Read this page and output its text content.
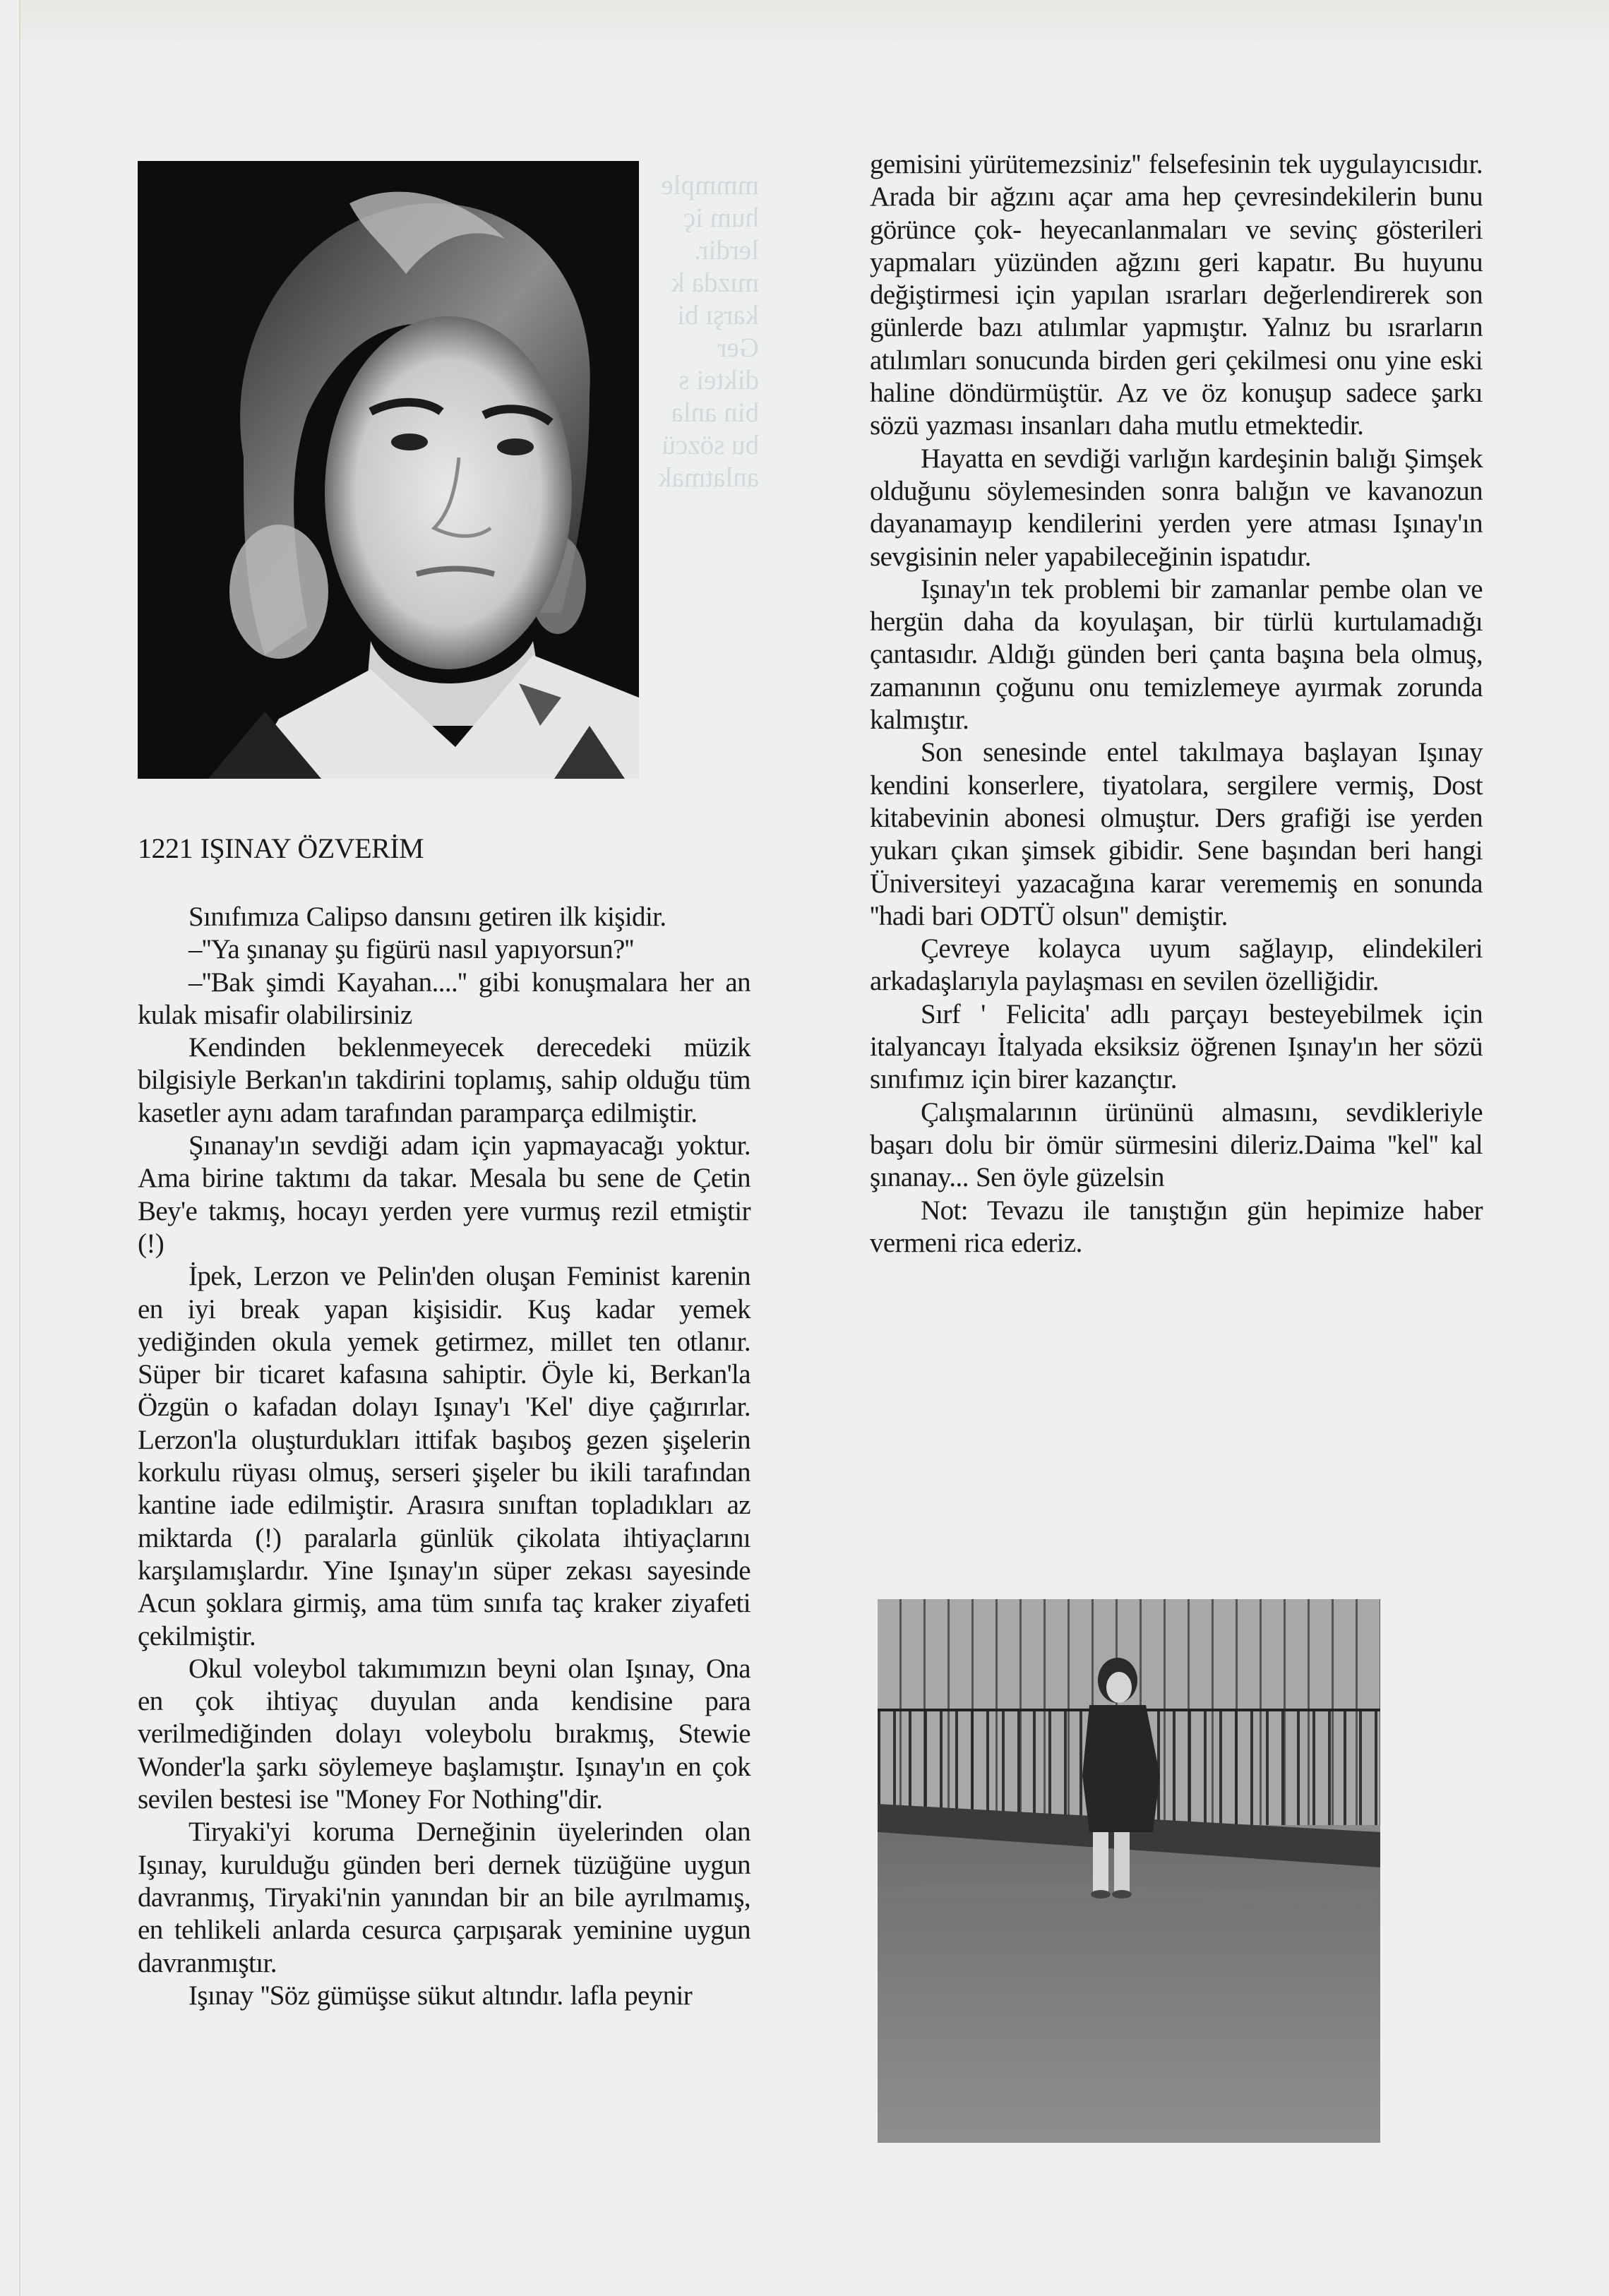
mmmple
hum iç
lerdir.
mızda k
karşı bi
Ger
diktei s
bin anla
bu sözcü
anlatmak
1221 IŞINAY ÖZVERİM

Sınıfımıza Calipso dansını getiren ilk kişidir.

–''Ya şınanay şu figürü nasıl yapıyorsun?''

–''Bak şimdi Kayahan....'' gibi konuşmalara her an kulak misafir olabilirsiniz

Kendinden beklenmeyecek derecedeki müzik bilgisiyle Berkan'ın takdirini toplamış, sahip olduğu tüm kasetler aynı adam tarafından paramparça edilmiştir.

Şınanay'ın sevdiği adam için yapmayacağı yoktur. Ama birine taktımı da takar. Mesala bu sene de Çetin Bey'e takmış, hocayı yerden yere vurmuş rezil etmiştir (!)

İpek, Lerzon ve Pelin'den oluşan Feminist karenin en iyi break yapan kişisidir. Kuş kadar yemek yediğinden okula yemek getirmez, millet ten otlanır. Süper bir ticaret kafasına sahiptir. Öyle ki, Berkan'la Özgün o kafadan dolayı Işınay'ı 'Kel' diye çağırırlar. Lerzon'la oluşturdukları ittifak başıboş gezen şişelerin korkulu rüyası olmuş, serseri şişeler bu ikili tarafından kantine iade edilmiştir. Arasıra sınıftan topladıkları az miktarda (!) paralarla günlük çikolata ihtiyaçlarını karşılamışlardır. Yine Işınay'ın süper zekası sayesinde Acun şoklara girmiş, ama tüm sınıfa taç kraker ziyafeti çekilmiştir.

Okul voleybol takımımızın beyni olan Işınay, Ona en çok ihtiyaç duyulan anda kendisine para verilmediğinden dolayı voleybolu bırakmış, Stewie Wonder'la şarkı söylemeye başlamıştır. Işınay'ın en çok sevilen bestesi ise ''Money For Nothing''dir.

Tiryaki'yi koruma Derneğinin üyelerinden olan Işınay, kurulduğu günden beri dernek tüzüğüne uygun davranmış, Tiryaki'nin yanından bir an bile ayrılmamış, en tehlikeli anlarda cesurca çarpışarak yeminine uygun davranmıştır.

Işınay ''Söz gümüşse sükut altındır. lafla peynir

gemisini yürütemezsiniz'' felsefesinin tek uygulayıcısıdır. Arada bir ağzını açar ama hep çevresindekilerin bunu görünce çok- heyecanlanmaları ve sevinç gösterileri yapmaları yüzünden ağzını geri kapatır. Bu huyunu değiştirmesi için yapılan ısrarları değerlendirerek son günlerde bazı atılımlar yapmıştır. Yalnız bu ısrarların atılımları sonucunda birden geri çekilmesi onu yine eski haline döndürmüştür. Az ve öz konuşup sadece şarkı sözü yazması insanları daha mutlu etmektedir.

Hayatta en sevdiği varlığın kardeşinin balığı Şimşek olduğunu söylemesinden sonra balığın ve kavanozun dayanamayıp kendilerini yerden yere atması Işınay'ın sevgisinin neler yapabileceğinin ispatıdır.

Işınay'ın tek problemi bir zamanlar pembe olan ve hergün daha da koyulaşan, bir türlü kurtulamadığı çantasıdır. Aldığı günden beri çanta başına bela olmuş, zamanının çoğunu onu temizlemeye ayırmak zorunda kalmıştır.

Son senesinde entel takılmaya başlayan Işınay kendini konserlere, tiyatolara, sergilere vermiş, Dost kitabevinin abonesi olmuştur. Ders grafiği ise yerden yukarı çıkan şimsek gibidir. Sene başından beri hangi Üniversiteyi yazacağına karar verememiş en sonunda ''hadi bari ODTÜ olsun'' demiştir.

Çevreye kolayca uyum sağlayıp, elindekileri arkadaşlarıyla paylaşması en sevilen özelliğidir.

Sırf ' Felicita' adlı parçayı besteyebilmek için italyancayı İtalyada eksiksiz öğrenen Işınay'ın her sözü sınıfımız için birer kazançtır.

Çalışmalarının ürününü almasını, sevdikleriyle başarı dolu bir ömür sürmesini dileriz.Daima ''kel'' kal şınanay... Sen öyle güzelsin

Not: Tevazu ile tanıştığın gün hepimize haber vermeni rica ederiz.
